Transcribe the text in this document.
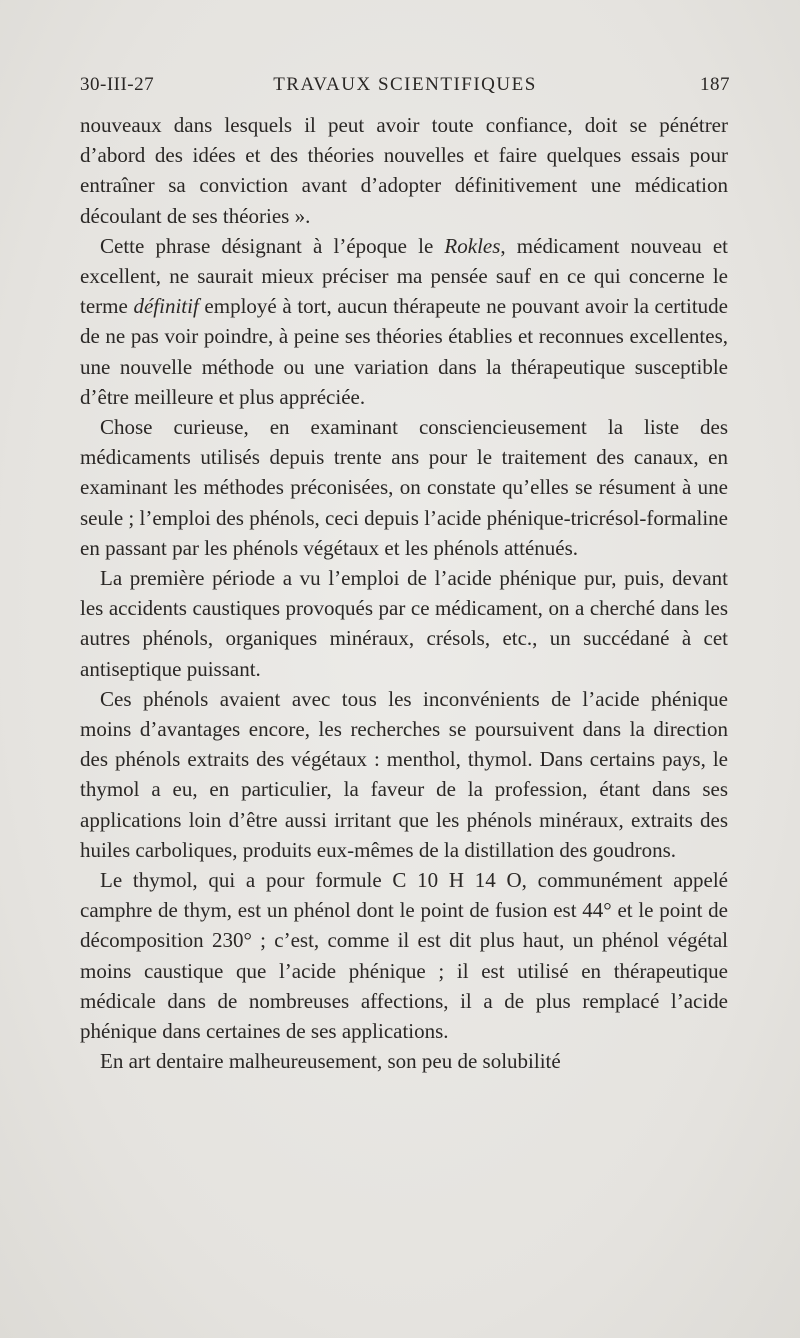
30-III-27	TRAVAUX SCIENTIFIQUES	187

nouveaux dans lesquels il peut avoir toute confiance, doit se pénétrer d’abord des idées et des théories nouvelles et faire quelques essais pour entraîner sa conviction avant d’adopter définitivement une médication découlant de ses théories ».

Cette phrase désignant à l’époque le Rokles, médicament nouveau et excellent, ne saurait mieux préciser ma pensée sauf en ce qui concerne le terme définitif employé à tort, aucun thérapeute ne pouvant avoir la certitude de ne pas voir poindre, à peine ses théories établies et reconnues excellentes, une nouvelle méthode ou une variation dans la thérapeutique susceptible d’être meilleure et plus appréciée.

Chose curieuse, en examinant consciencieusement la liste des médicaments utilisés depuis trente ans pour le traitement des canaux, en examinant les méthodes préconisées, on constate qu’elles se résument à une seule ; l’emploi des phénols, ceci depuis l’acide phénique-tricrésol-formaline en passant par les phénols végétaux et les phénols atténués.

La première période a vu l’emploi de l’acide phénique pur, puis, devant les accidents caustiques provoqués par ce médicament, on a cherché dans les autres phénols, organiques minéraux, crésols, etc., un succédané à cet antiseptique puissant.

Ces phénols avaient avec tous les inconvénients de l’acide phénique moins d’avantages encore, les recherches se poursuivent dans la direction des phénols extraits des végétaux : menthol, thymol. Dans certains pays, le thymol a eu, en particulier, la faveur de la profession, étant dans ses applications loin d’être aussi irritant que les phénols minéraux, extraits des huiles carboliques, produits eux-mêmes de la distillation des goudrons.

Le thymol, qui a pour formule C 10 H 14 O, communément appelé camphre de thym, est un phénol dont le point de fusion est 44° et le point de décomposition 230° ; c’est, comme il est dit plus haut, un phénol végétal moins caustique que l’acide phénique ; il est utilisé en thérapeutique médicale dans de nombreuses affections, il a de plus remplacé l’acide phénique dans certaines de ses applications.

En art dentaire malheureusement, son peu de solubilité
